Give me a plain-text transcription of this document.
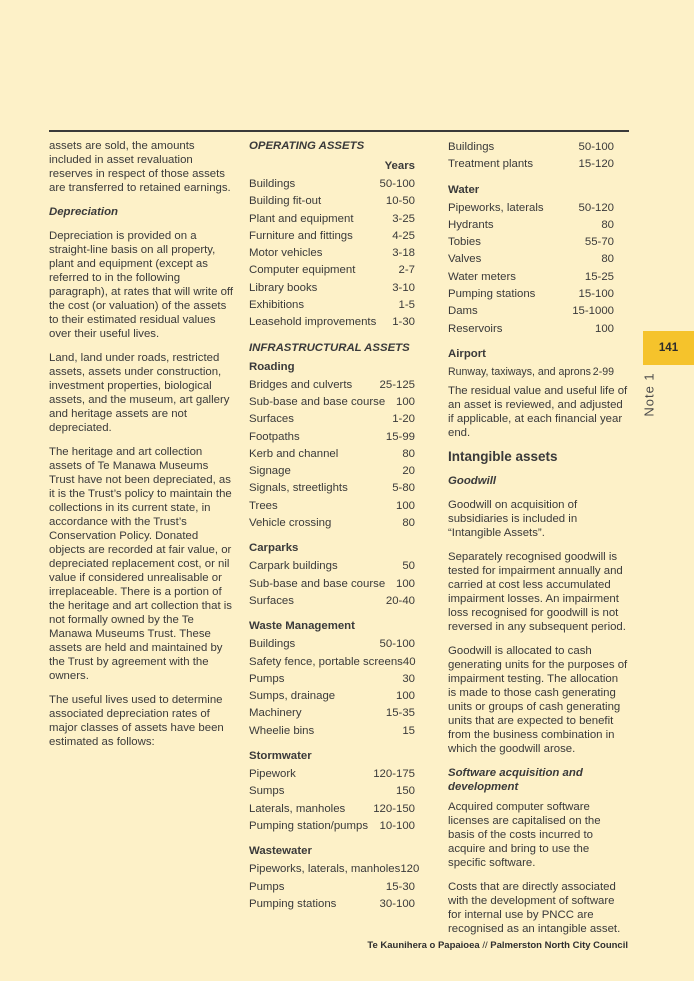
assets are sold, the amounts included in asset revaluation reserves in respect of those assets are transferred to retained earnings.

Depreciation

Depreciation is provided on a straight-line basis on all property, plant and equipment (except as referred to in the following paragraph), at rates that will write off the cost (or valuation) of the assets to their estimated residual values over their useful lives.

Land, land under roads, restricted assets, assets under construction, investment properties, biological assets, and the museum, art gallery and heritage assets are not depreciated.

The heritage and art collection assets of Te Manawa Museums Trust have not been depreciated, as it is the Trust’s policy to maintain the collections in its current state, in accordance with the Trust’s Conservation Policy. Donated objects are recorded at fair value, or depreciated replacement cost, or nil value if considered unrealisable or irreplaceable. There is a portion of the heritage and art collection that is not formally owned by the Te Manawa Museums Trust. These assets are held and maintained by the Trust by agreement with the owners.

The useful lives used to determine associated depreciation rates of major classes of assets have been estimated as follows:

OPERATING ASSETS

Years
Buildings	50-100
Building fit-out	10-50
Plant and equipment	3-25
Furniture and fittings	4-25
Motor vehicles	3-18
Computer equipment	2-7
Library books	3-10
Exhibitions	1-5
Leasehold improvements 1-30

INFRASTRUCTURAL ASSETS

Roading
Bridges and culverts 25-125
Sub-base and base course 100
Surfaces	1-20
Footpaths	15-99
Kerb and channel	80
Signage	20
Signals, streetlights	5-80
Trees	100
Vehicle crossing	80
Carparks
Carpark buildings	50
Sub-base and base course 100
Surfaces	20-40
Waste Management
Buildings	50-100
Safety fence, portable screens 40
Pumps	30
Sumps, drainage	100
Machinery	15-35
Wheelie bins	15
Stormwater
Pipework	120-175
Sumps	150
Laterals, manholes 120-150
Pumping station/pumps 10-100
Wastewater
Pipeworks, laterals, manholes 120
Pumps	15-30
Pumping stations	30-100
Buildings	50-100
Treatment plants	15-120
Water
Pipeworks, laterals	50-120
Hydrants	80
Tobies	55-70
Valves	80
Water meters	15-25
Pumping stations	15-100
Dams	15-1000
Reservoirs	100
Airport
Runway, taxiways, and aprons 2-99

The residual value and useful life of an asset is reviewed, and adjusted if applicable, at each financial year end.

Intangible assets

Goodwill

Goodwill on acquisition of subsidiaries is included in “Intangible Assets”.

Separately recognised goodwill is tested for impairment annually and carried at cost less accumulated impairment losses. An impairment loss recognised for goodwill is not reversed in any subsequent period.

Goodwill is allocated to cash generating units for the purposes of impairment testing. The allocation is made to those cash generating units or groups of cash generating units that are expected to benefit from the business combination in which the goodwill arose.

Software acquisition and development

Acquired computer software licenses are capitalised on the basis of the costs incurred to acquire and bring to use the specific software.

Costs that are directly associated with the development of software for internal use by PNCC are recognised as an intangible asset.

141
Note 1
Te Kaunihera o Papaioea // Palmerston North City Council
